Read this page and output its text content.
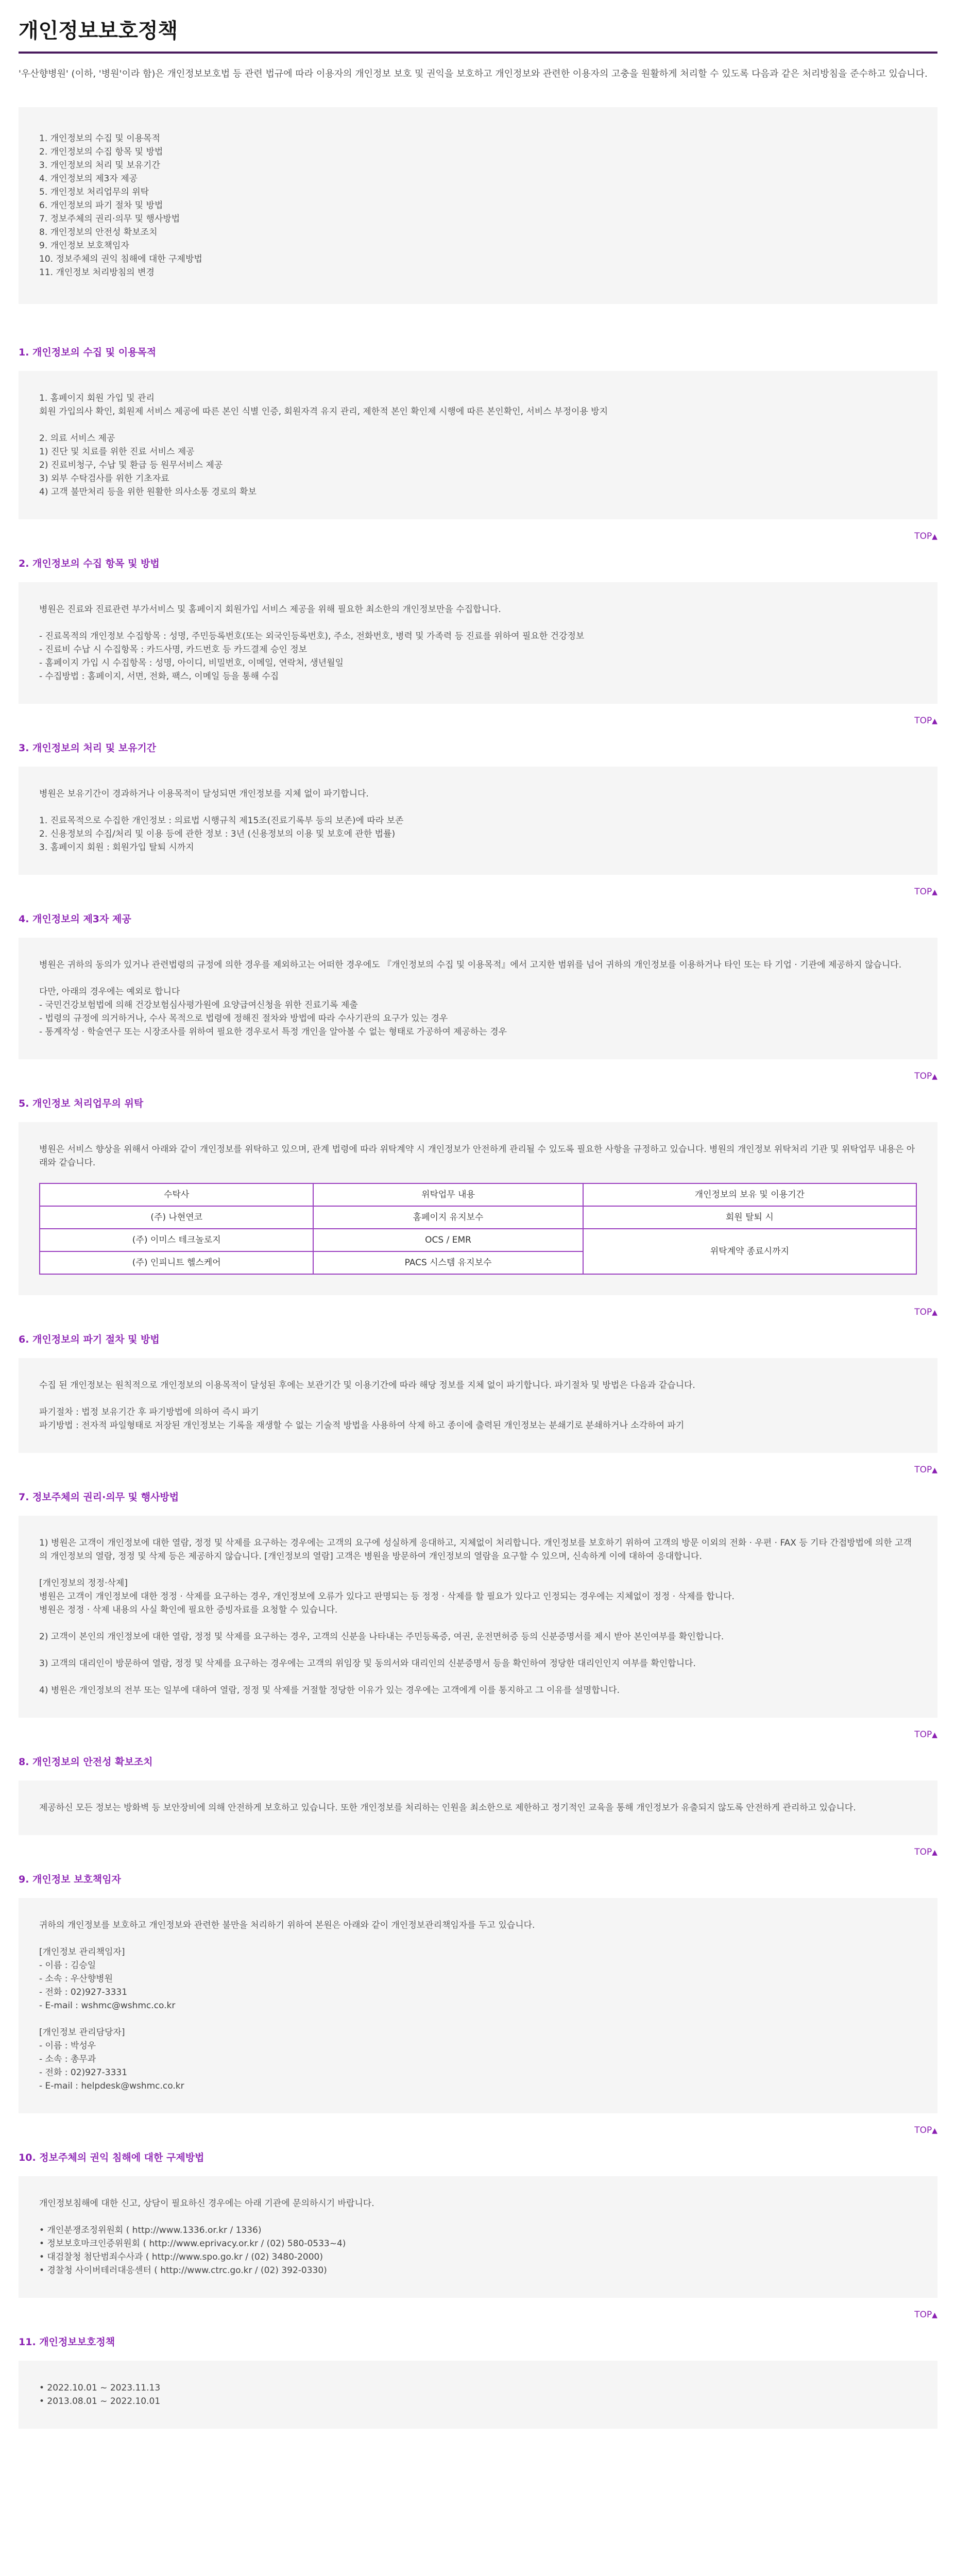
개인정보보호정책

'우산향병원' (이하, '병원'이라 함)은 개인정보보호법 등 관련 법규에 따라 이용자의 개인정보 보호 및 권익을 보호하고 개인정보와 관련한 이용자의 고충을 원활하게 처리할 수 있도록 다음과 같은 처리방침을 준수하고 있습니다.

1. 개인정보의 수집 및 이용목적
2. 개인정보의 수집 항목 및 방법
3. 개인정보의 처리 및 보유기간
4. 개인정보의 제3자 제공
5. 개인정보 처리업무의 위탁
6. 개인정보의 파기 절차 및 방법
7. 정보주체의 권리·의무 및 행사방법
8. 개인정보의 안전성 확보조치
9. 개인정보 보호책임자
10. 정보주체의 권익 침해에 대한 구제방법
11. 개인정보 처리방침의 변경
1. 개인정보의 수집 및 이용목적
1. 홈페이지 회원 가입 및 관리
회원 가입의사 확인, 회원제 서비스 제공에 따른 본인 식별 인증, 회원자격 유지 관리, 제한적 본인 확인제 시행에 따른 본인확인, 서비스 부정이용 방지
2. 의료 서비스 제공
1) 진단 및 치료를 위한 진료 서비스 제공
2) 진료비청구, 수납 및 환급 등 원무서비스 제공
3) 외부 수탁검사를 위한 기초자료
4) 고객 불만처리 등을 위한 원활한 의사소통 경로의 확보
TOP▲
2. 개인정보의 수집 항목 및 방법
병원은 진료와 진료관련 부가서비스 및 홈페이지 회원가입 서비스 제공을 위해 필요한 최소한의 개인정보만을 수집합니다.
- 진료목적의 개인정보 수집항목 : 성명, 주민등록번호(또는 외국인등록번호), 주소, 전화번호, 병력 및 가족력 등 진료를 위하여 필요한 건강정보
- 진료비 수납 시 수집항목 : 카드사명, 카드번호 등 카드결제 승인 정보
- 홈페이지 가입 시 수집항목 : 성명, 아이디, 비밀번호, 이메일, 연락처, 생년월일
- 수집방법 : 홈페이지, 서면, 전화, 팩스, 이메일 등을 통해 수집
TOP▲
3. 개인정보의 처리 및 보유기간
병원은 보유기간이 경과하거나 이용목적이 달성되면 개인정보를 지체 없이 파기합니다.
1. 진료목적으로 수집한 개인정보 : 의료법 시행규칙 제15조(진료기록부 등의 보존)에 따라 보존
2. 신용정보의 수집/처리 및 이용 등에 관한 정보 : 3년 (신용정보의 이용 및 보호에 관한 법률)
3. 홈페이지 회원 : 회원가입 탈퇴 시까지
TOP▲
4. 개인정보의 제3자 제공
병원은 귀하의 동의가 있거나 관련법령의 규정에 의한 경우를 제외하고는 어떠한 경우에도 『개인정보의 수집 및 이용목적』에서 고지한 범위를 넘어 귀하의 개인정보를 이용하거나 타인 또는 타 기업 · 기관에 제공하지 않습니다.
다만, 아래의 경우에는 예외로 합니다
- 국민건강보험법에 의해 건강보험심사평가원에 요양급여신청을 위한 진료기록 제출
- 법령의 규정에 의거하거나, 수사 목적으로 법령에 정해진 절차와 방법에 따라 수사기관의 요구가 있는 경우
- 통계작성 · 학술연구 또는 시장조사를 위하여 필요한 경우로서 특정 개인을 알아볼 수 없는 형태로 가공하여 제공하는 경우
TOP▲
5. 개인정보 처리업무의 위탁
병원은 서비스 향상을 위해서 아래와 같이 개인정보를 위탁하고 있으며, 관계 법령에 따라 위탁계약 시 개인정보가 안전하게 관리될 수 있도록 필요한 사항을 규정하고 있습니다. 병원의 개인정보 위탁처리 기관 및 위탁업무 내용은 아래와 같습니다.
수탁사	위탁업무 내용	개인정보의 보유 및 이용기간
(주) 나현연코	홈페이지 유지보수	회원 탈퇴 시
(주) 이미스 테크놀로지	OCS / EMR	위탁계약 종료시까지
(주) 인피니트 헬스케어	PACS 시스템 유지보수	
TOP▲
6. 개인정보의 파기 절차 및 방법
수집 된 개인정보는 원칙적으로 개인정보의 이용목적이 달성된 후에는 보관기간 및 이용기간에 따라 해당 정보를 지체 없이 파기합니다. 파기절차 및 방법은 다음과 같습니다.
파기절차 : 법정 보유기간 후 파기방법에 의하여 즉시 파기
파기방법 : 전자적 파일형태로 저장된 개인정보는 기록을 재생할 수 없는 기술적 방법을 사용하여 삭제 하고 종이에 출력된 개인정보는 분쇄기로 분쇄하거나 소각하여 파기
TOP▲
7. 정보주체의 권리·의무 및 행사방법
1) 병원은 고객이 개인정보에 대한 열람, 정정 및 삭제를 요구하는 경우에는 고객의 요구에 성실하게 응대하고, 지체없이 처리합니다. 개인정보를 보호하기 위하여 고객의 방문 이외의 전화 · 우편 · FAX 등 기타 간접방법에 의한 고객의 개인정보의 열람, 정정 및 삭제 등은 제공하지 않습니다. [개인정보의 열람] 고객은 병원을 방문하여 개인정보의 열람을 요구할 수 있으며, 신속하게 이에 대하여 응대합니다.
[개인정보의 정정·삭제]
병원은 고객이 개인정보에 대한 정정 · 삭제를 요구하는 경우, 개인정보에 오류가 있다고 판명되는 등 정정 · 삭제를 할 필요가 있다고 인정되는 경우에는 지체없이 정정 · 삭제를 합니다.
병원은 정정 · 삭제 내용의 사실 확인에 필요한 증빙자료를 요청할 수 있습니다.
2) 고객이 본인의 개인정보에 대한 열람, 정정 및 삭제를 요구하는 경우, 고객의 신분을 나타내는 주민등록증, 여권, 운전면허증 등의 신분증명서를 제시 받아 본인여부를 확인합니다.
3) 고객의 대리인이 방문하여 열람, 정정 및 삭제를 요구하는 경우에는 고객의 위임장 및 동의서와 대리인의 신분증명서 등을 확인하여 정당한 대리인인지 여부를 확인합니다.
4) 병원은 개인정보의 전부 또는 일부에 대하여 열람, 정정 및 삭제를 거절할 정당한 이유가 있는 경우에는 고객에게 이를 통지하고 그 이유를 설명합니다.
TOP▲
8. 개인정보의 안전성 확보조치
제공하신 모든 정보는 방화벽 등 보안장비에 의해 안전하게 보호하고 있습니다. 또한 개인정보를 처리하는 인원을 최소한으로 제한하고 정기적인 교육을 통해 개인정보가 유출되지 않도록 안전하게 관리하고 있습니다.
TOP▲
9. 개인정보 보호책임자
귀하의 개인정보를 보호하고 개인정보와 관련한 불만을 처리하기 위하여 본원은 아래와 같이 개인정보관리책임자를 두고 있습니다.
[개인정보 관리책임자]
- 이름 : 김승일
- 소속 : 우산향병원
- 전화 : 02)927-3331
- E-mail : wshmc@wshmc.co.kr
[개인정보 관리담당자]
- 이름 : 박성우
- 소속 : 총무과
- 전화 : 02)927-3331
- E-mail : helpdesk@wshmc.co.kr
TOP▲
10. 정보주체의 권익 침해에 대한 구제방법
개인정보침해에 대한 신고, 상담이 필요하신 경우에는 아래 기관에 문의하시기 바랍니다.
• 개인분쟁조정위원회 ( http://www.1336.or.kr / 1336)
• 정보보호마크인증위원회 ( http://www.eprivacy.or.kr / (02) 580-0533~4)
• 대검찰청 첨단범죄수사과 ( http://www.spo.go.kr / (02) 3480-2000)
• 경찰청 사이버테러대응센터 ( http://www.ctrc.go.kr / (02) 392-0330)
TOP▲
11. 개인정보보호정책
• 2022.10.01 ~ 2023.11.13
• 2013.08.01 ~ 2022.10.01
